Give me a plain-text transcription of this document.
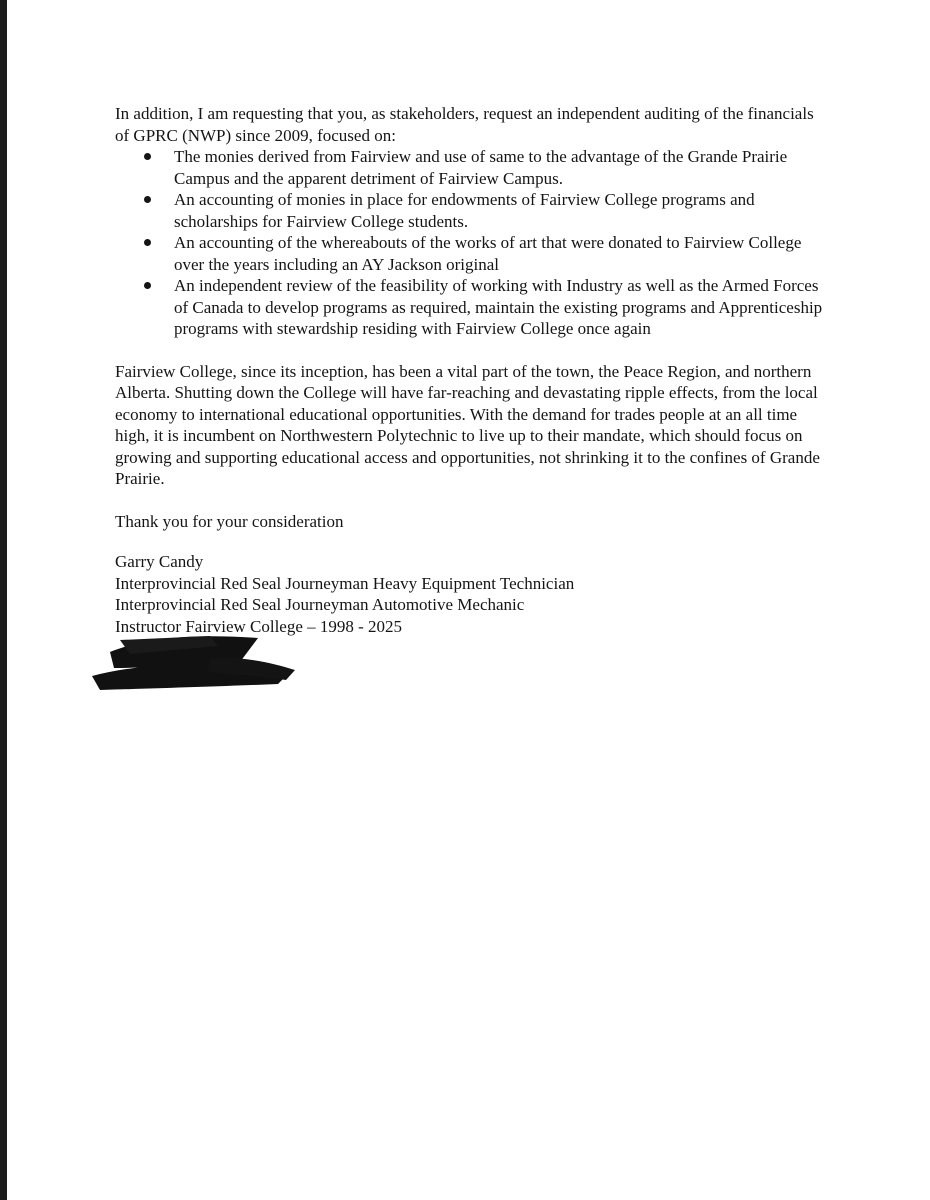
In addition, I am requesting that you, as stakeholders, request an independent auditing of the financials of GPRC (NWP) since 2009, focused on:

The monies derived from Fairview and use of same to the advantage of the Grande Prairie Campus and the apparent detriment of Fairview Campus.
An accounting of monies in place for endowments of Fairview College programs and scholarships for Fairview College students.
An accounting of the whereabouts of the works of art that were donated to Fairview College over the years including an AY Jackson original
An independent review of the feasibility of working with Industry as well as the Armed Forces of Canada to develop programs as required, maintain the existing programs and Apprenticeship programs with stewardship residing with Fairview College once again

Fairview College, since its inception, has been a vital part of the town, the Peace Region, and northern Alberta. Shutting down the College will have far-reaching and devastating ripple effects, from the local economy to international educational opportunities. With the demand for trades people at an all time high, it is incumbent on Northwestern Polytechnic to live up to their mandate, which should focus on growing and supporting educational access and opportunities, not shrinking it to the confines of Grande Prairie.

Thank you for your consideration

Garry Candy

Interprovincial Red Seal Journeyman Heavy Equipment Technician

Interprovincial Red Seal Journeyman Automotive Mechanic

Instructor Fairview College – 1998 - 2025
